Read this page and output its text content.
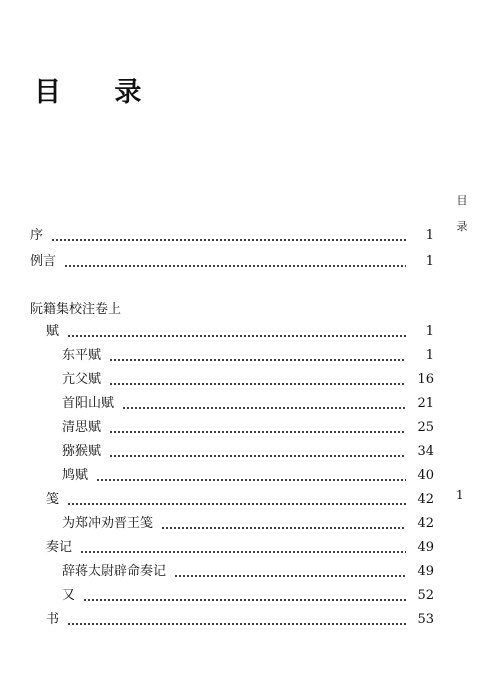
目 录
目
录
1
序	1
例言	1
阮籍集校注卷上
赋	1
东平赋	1
亢父赋	16
首阳山赋	21
清思赋	25
猕猴赋	34
鸠赋	40
笺	42
为郑冲劝晋王笺	42
奏记	49
辞蒋太尉辟命奏记	49
又	52
书	53
